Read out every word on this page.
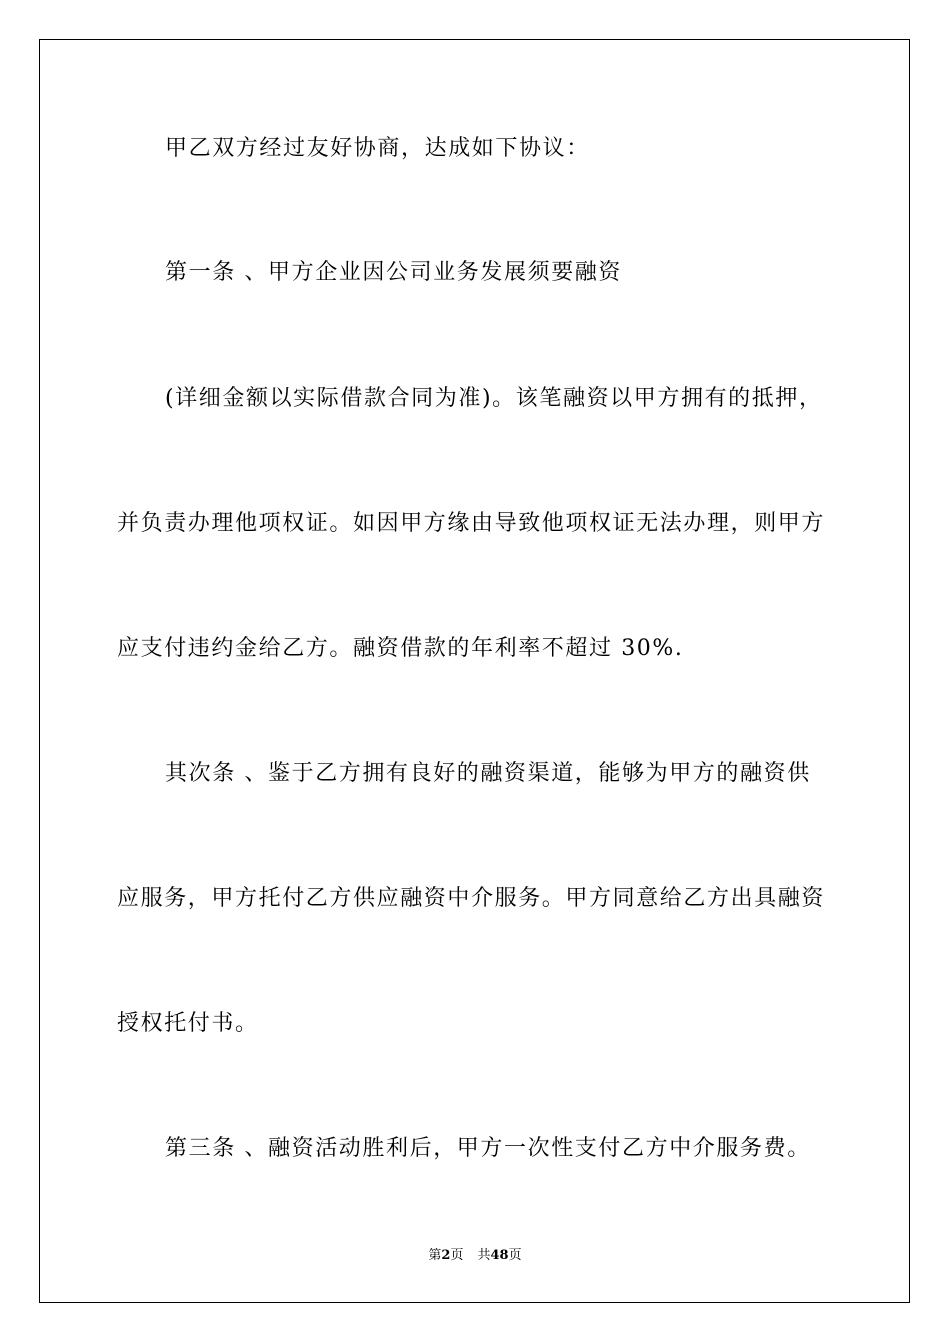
甲乙双方经过友好协商，达成如下协议：
第一条 、甲方企业因公司业务发展须要融资
(详细金额以实际借款合同为准)。该笔融资以甲方拥有的抵押，
并负责办理他项权证。如因甲方缘由导致他项权证无法办理，则甲方
应支付违约金给乙方。融资借款的年利率不超过 30%.
其次条 、鉴于乙方拥有良好的融资渠道，能够为甲方的融资供
应服务，甲方托付乙方供应融资中介服务。甲方同意给乙方出具融资
授权托付书。
第三条 、融资活动胜利后，甲方一次性支付乙方中介服务费。
第2页 共48页
